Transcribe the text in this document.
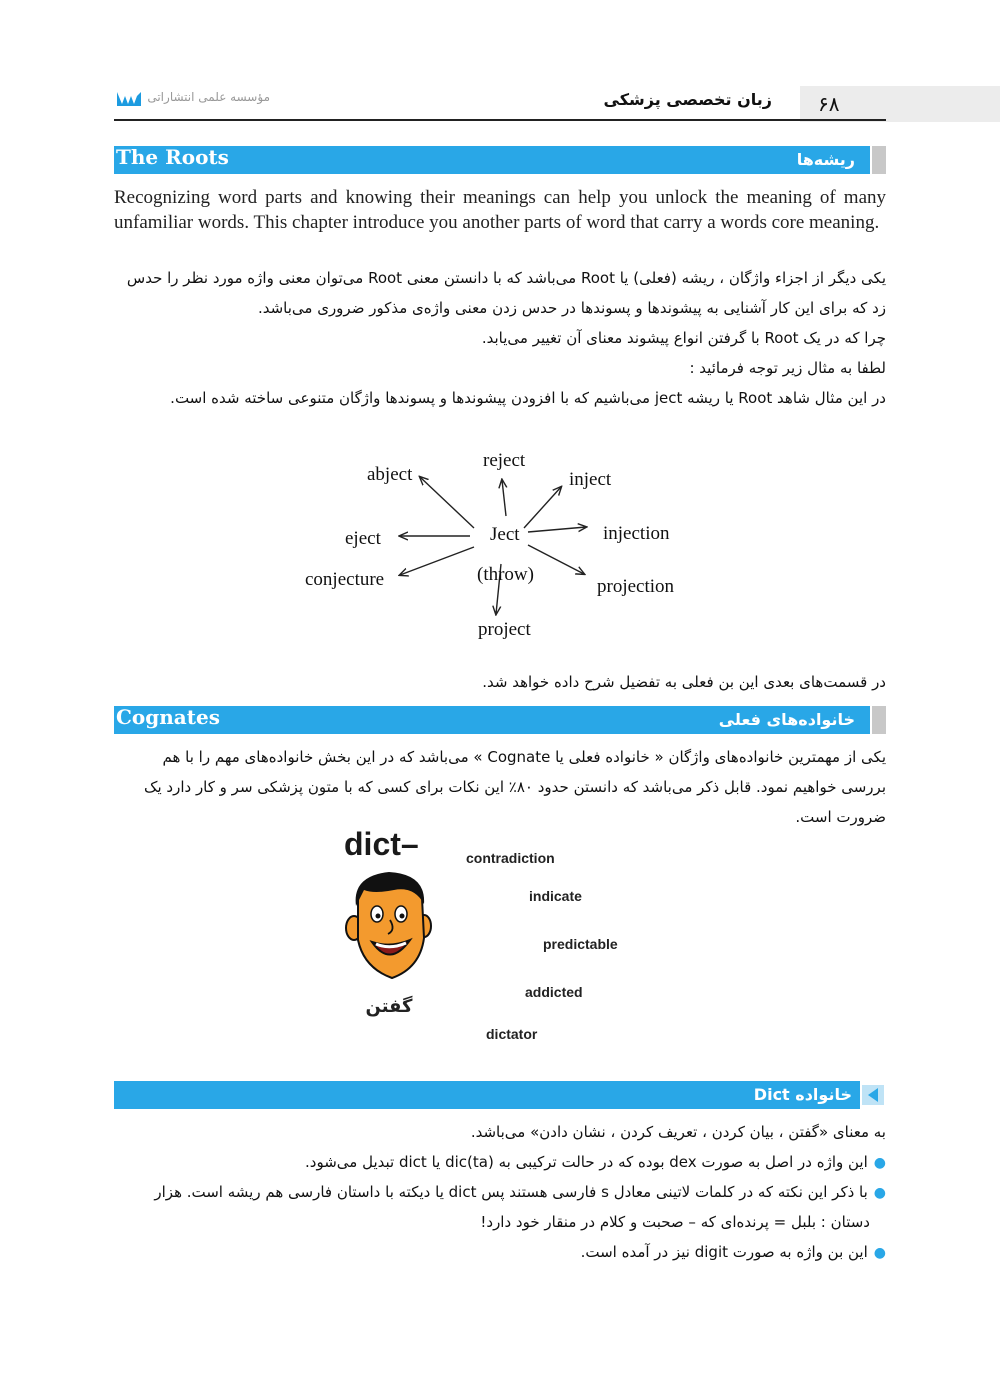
۶۸
زبان تخصصی پزشکی
مؤسسه علمی انتشاراتی
The Roots	ریشه‌ها
Recognizing word parts and knowing their meanings can help you unlock the meaning of many unfamiliar words. This chapter introduce you another parts of word that carry a words core meaning.
یکی دیگر از اجزاء واژگان ، ریشه (فعلی) یا Root می‌باشد که با دانستن معنی Root می‌توان معنی واژه مورد نظر را حدس
زد که برای این کار آشنایی به پیشوندها و پسوندها در حدس زدن معنی واژه‌ی مذکور ضروری می‌باشد.
چرا که در یک Root با گرفتن انواع پیشوند معنای آن تغییر می‌یابد.
لطفا به مثال زیر توجه فرمائید :
در این مثال شاهد Root یا ریشه ject می‌باشیم که با افزودن پیشوندها و پسوندها واژگان متنوعی ساخته شده است.
reject
abject	inject
Ject
eject	injection
(throw)
conjecture	projection
project
در قسمت‌های بعدی این بن فعلی به تفضیل شرح داده خواهد شد.
Cognates	خانواده‌های فعلی
یکی از مهمترین خانواده‌های واژگان « خانواده فعلی یا Cognate » می‌باشد که در این بخش خانواده‌های مهم را با هم
بررسی خواهیم نمود. قابل ذکر می‌باشد که دانستن حدود ۸۰٪ این نکات برای کسی که با متون پزشکی سر و کار دارد یک
ضرورت است.
dict–
گفتن
contradiction
indicate
predictable
addicted
dictator
خانواده Dict
به معنای «گفتن ، بیان کردن ، تعریف کردن ، نشان دادن» می‌باشد.
●این واژه در اصل به صورت dex بوده که در حالت ترکیبی به dic(ta) یا dict تبدیل می‌شود.
●با ذکر این نکته که در کلمات لاتینی معادل s فارسی هستند پس dict یا دیکته با داستان فارسی هم ریشه است. هزار
دستان : بلبل = پرنده‌ای که – صحبت و کلام در منقار خود دارد!
●این بن واژه به صورت digit نیز در آمده است.
